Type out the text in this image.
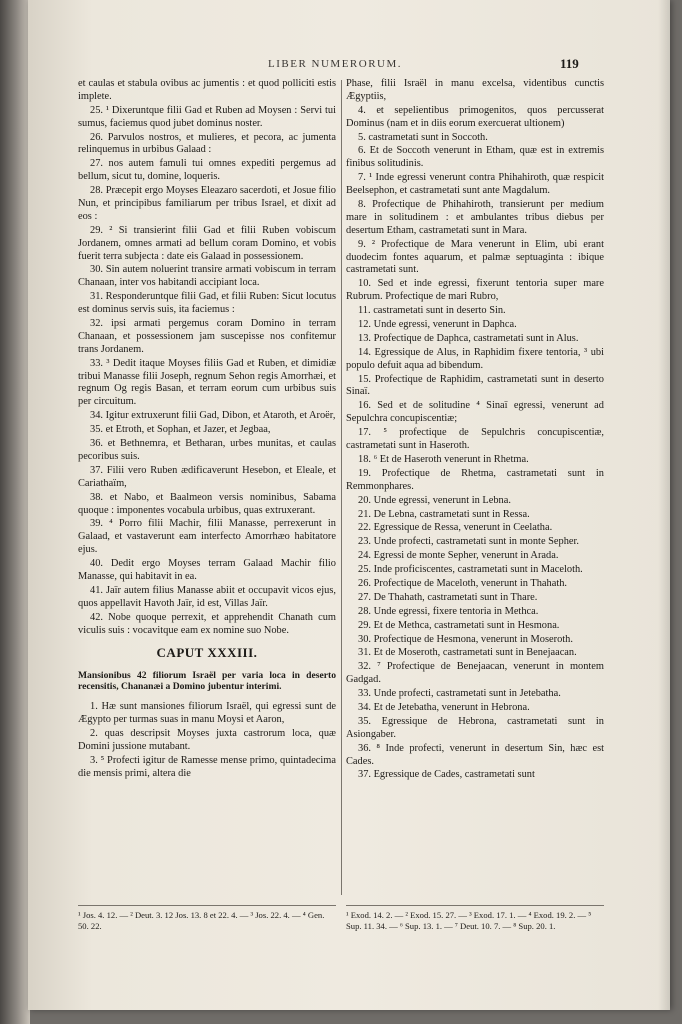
LIBER NUMERORUM.	119

et caulas et stabula ovibus ac jumentis : et quod polliciti estis implete.

25. ¹ Dixeruntque filii Gad et Ruben ad Moysen : Servi tui sumus, faciemus quod jubet dominus noster.

26. Parvulos nostros, et mulieres, et pecora, ac jumenta relinquemus in urbibus Galaad :

27. nos autem famuli tui omnes expediti pergemus ad bellum, sicut tu, domine, loqueris.

28. Præcepit ergo Moyses Eleazaro sacerdoti, et Josue filio Nun, et principibus familiarum per tribus Israel, et dixit ad eos :

29. ² Si transierint filii Gad et filii Ruben vobiscum Jordanem, omnes armati ad bellum coram Domino, et vobis fuerit terra subjecta : date eis Galaad in possessionem.

30. Sin autem noluerint transire armati vobiscum in terram Chanaan, inter vos habitandi accipiant loca.

31. Responderuntque filii Gad, et filii Ruben: Sicut locutus est dominus servis suis, ita faciemus :

32. ipsi armati pergemus coram Domino in terram Chanaan, et possessionem jam suscepisse nos confitemur trans Jordanem.

33. ³ Dedit itaque Moyses filiis Gad et Ruben, et dimidiæ tribui Manasse filii Joseph, regnum Sehon regis Amorrhæi, et regnum Og regis Basan, et terram eorum cum urbibus suis per circuitum.

34. Igitur extruxerunt filii Gad, Dibon, et Ataroth, et Aroër,

35. et Etroth, et Sophan, et Jazer, et Jegbaa,

36. et Bethnemra, et Betharan, urbes munitas, et caulas pecoribus suis.

37. Filii vero Ruben ædificaverunt Hesebon, et Eleale, et Cariathaïm,

38. et Nabo, et Baalmeon versis nominibus, Sabama quoque : imponentes vocabula urbibus, quas extruxerant.

39. ⁴ Porro filii Machir, filii Manasse, perrexerunt in Galaad, et vastaverunt eam interfecto Amorrhæo habitatore ejus.

40. Dedit ergo Moyses terram Galaad Machir filio Manasse, qui habitavit in ea.

41. Jaïr autem filius Manasse abiit et occupavit vicos ejus, quos appellavit Havoth Jaïr, id est, Villas Jaïr.

42. Nobe quoque perrexit, et apprehendit Chanath cum viculis suis : vocavitque eam ex nomine suo Nobe.

CAPUT XXXIII.

Mansionibus 42 filiorum Israël per varia loca in deserto recensitis, Chananæi a Domino jubentur interimi.

1. Hæ sunt mansiones filiorum Israël, qui egressi sunt de Ægypto per turmas suas in manu Moysi et Aaron,

2. quas descripsit Moyses juxta castrorum loca, quæ Domini jussione mutabant.

3. ⁵ Profecti igitur de Ramesse mense primo, quintadecima die mensis primi, altera die

Phase, filii Israël in manu excelsa, videntibus cunctis Ægyptiis,

4. et sepelientibus primogenitos, quos percusserat Dominus (nam et in diis eorum exercuerat ultionem)

5. castrametati sunt in Soccoth.

6. Et de Soccoth venerunt in Etham, quæ est in extremis finibus solitudinis.

7. ¹ Inde egressi venerunt contra Phihahiroth, quæ respicit Beelsephon, et castrametati sunt ante Magdalum.

8. Profectique de Phihahiroth, transierunt per medium mare in solitudinem : et ambulantes tribus diebus per desertum Etham, castrametati sunt in Mara.

9. ² Profectique de Mara venerunt in Elim, ubi erant duodecim fontes aquarum, et palmæ septuaginta : ibique castrametati sunt.

10. Sed et inde egressi, fixerunt tentoria super mare Rubrum. Profectique de mari Rubro,

11. castrametati sunt in deserto Sin.

12. Unde egressi, venerunt in Daphca.

13. Profectique de Daphca, castrametati sunt in Alus.

14. Egressique de Alus, in Raphidim fixere tentoria, ³ ubi populo defuit aqua ad bibendum.

15. Profectique de Raphidim, castrametati sunt in deserto Sinaï.

16. Sed et de solitudine ⁴ Sinaï egressi, venerunt ad Sepulchra concupiscentiæ;

17. ⁵ profectique de Sepulchris concupiscentiæ, castrametati sunt in Haseroth.

18. ⁶ Et de Haseroth venerunt in Rhetma.

19. Profectique de Rhetma, castrametati sunt in Remmonphares.

20. Unde egressi, venerunt in Lebna.

21. De Lebna, castrametati sunt in Ressa.

22. Egressique de Ressa, venerunt in Ceelatha.

23. Unde profecti, castrametati sunt in monte Sepher.

24. Egressi de monte Sepher, venerunt in Arada.

25. Inde proficiscentes, castrametati sunt in Maceloth.

26. Profectique de Maceloth, venerunt in Thahath.

27. De Thahath, castrametati sunt in Thare.

28. Unde egressi, fixere tentoria in Methca.

29. Et de Methca, castrametati sunt in Hesmona.

30. Profectique de Hesmona, venerunt in Moseroth.

31. Et de Moseroth, castrametati sunt in Benejaacan.

32. ⁷ Profectique de Benejaacan, venerunt in montem Gadgad.

33. Unde profecti, castrametati sunt in Jetebatha.

34. Et de Jetebatha, venerunt in Hebrona.

35. Egressique de Hebrona, castrametati sunt in Asiongaber.

36. ⁸ Inde profecti, venerunt in desertum Sin, hæc est Cades.

37. Egressique de Cades, castrametati sunt

¹ Jos. 4. 12. — ² Deut. 3. 12 Jos. 13. 8 et 22. 4. — ³ Jos. 22. 4. — ⁴ Gen. 50. 22.
¹ Exod. 14. 2. — ² Exod. 15. 27. — ³ Exod. 17. 1. — ⁴ Exod. 19. 2. — ⁵ Sup. 11. 34. — ⁶ Sup. 13. 1. — ⁷ Deut. 10. 7. — ⁸ Sup. 20. 1.
